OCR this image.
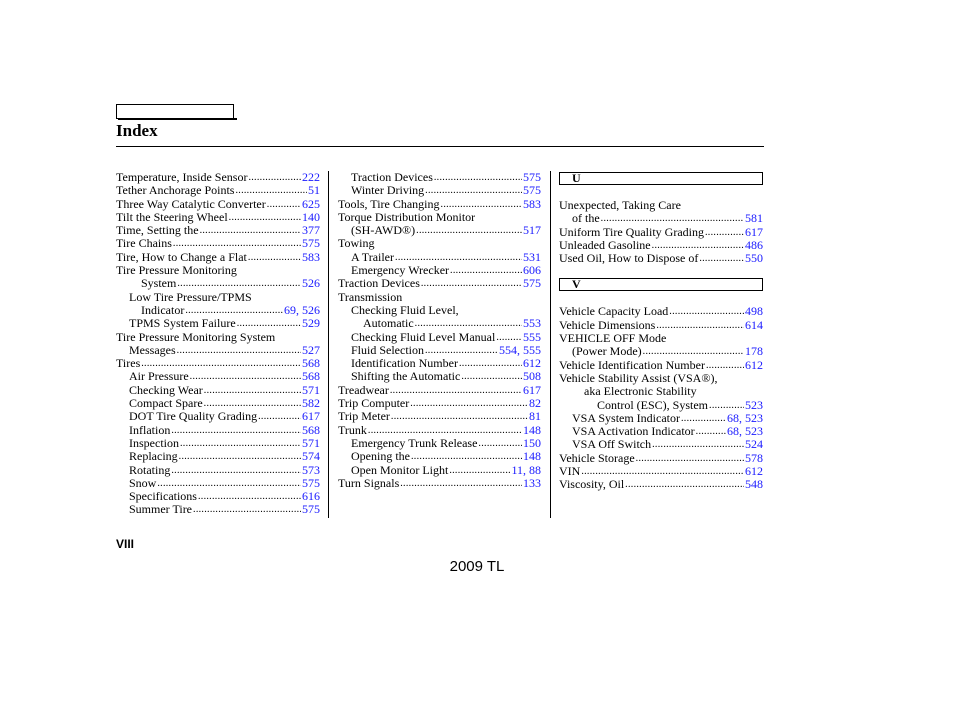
Index
Temperature, Inside Sensor .....	222
Tether Anchorage Points .....	51
Three Way Catalytic Converter .....	625
Tilt the Steering Wheel .....	140
Time, Setting the .....	377
Tire Chains .....	575
Tire, How to Change a Flat .....	583
Tire Pressure Monitoring
System .....	526
Low Tire Pressure/TPMS
Indicator .....	69, 526
TPMS System Failure .....	529
Tire Pressure Monitoring System
Messages .....	527
Tires .....	568
Air Pressure .....	568
Checking Wear .....	571
Compact Spare .....	582
DOT Tire Quality Grading .....	617
Inflation .....	568
Inspection .....	571
Replacing .....	574
Rotating .....	573
Snow .....	575
Specifications .....	616
Summer Tire .....	575
Traction Devices .....	575
Winter Driving .....	575
Tools, Tire Changing .....	583
Torque Distribution Monitor
(SH-AWD®) .....	517
Towing
A Trailer .....	531
Emergency Wrecker .....	606
Traction Devices .....	575
Transmission
Checking Fluid Level,
Automatic .....	553
Checking Fluid Level Manual ..... 555
Fluid Selection .....	554, 555
Identification Number .....	612
Shifting the Automatic .....	508
Treadwear .....	617
Trip Computer .....	82
Trip Meter .....	81
Trunk .....	148
Emergency Trunk Release .....	150
Opening the .....	148
Open Monitor Light .....	11, 88
Turn Signals .....	133
U
Unexpected, Taking Care
of the .....	581
Uniform Tire Quality Grading .....	617
Unleaded Gasoline .....	486
Used Oil, How to Dispose of .....	550
V
Vehicle Capacity Load .....	498
Vehicle Dimensions .....	614
VEHICLE OFF Mode
(Power Mode) .....	178
Vehicle Identification Number .....	612
Vehicle Stability Assist (VSA®),
aka Electronic Stability
Control (ESC), System .....	523
VSA System Indicator .....	68, 523
VSA Activation Indicator .....	68, 523
VSA Off Switch .....	524
Vehicle Storage .....	578
VIN .....	612
Viscosity, Oil .....	548
VIII
2009 TL
